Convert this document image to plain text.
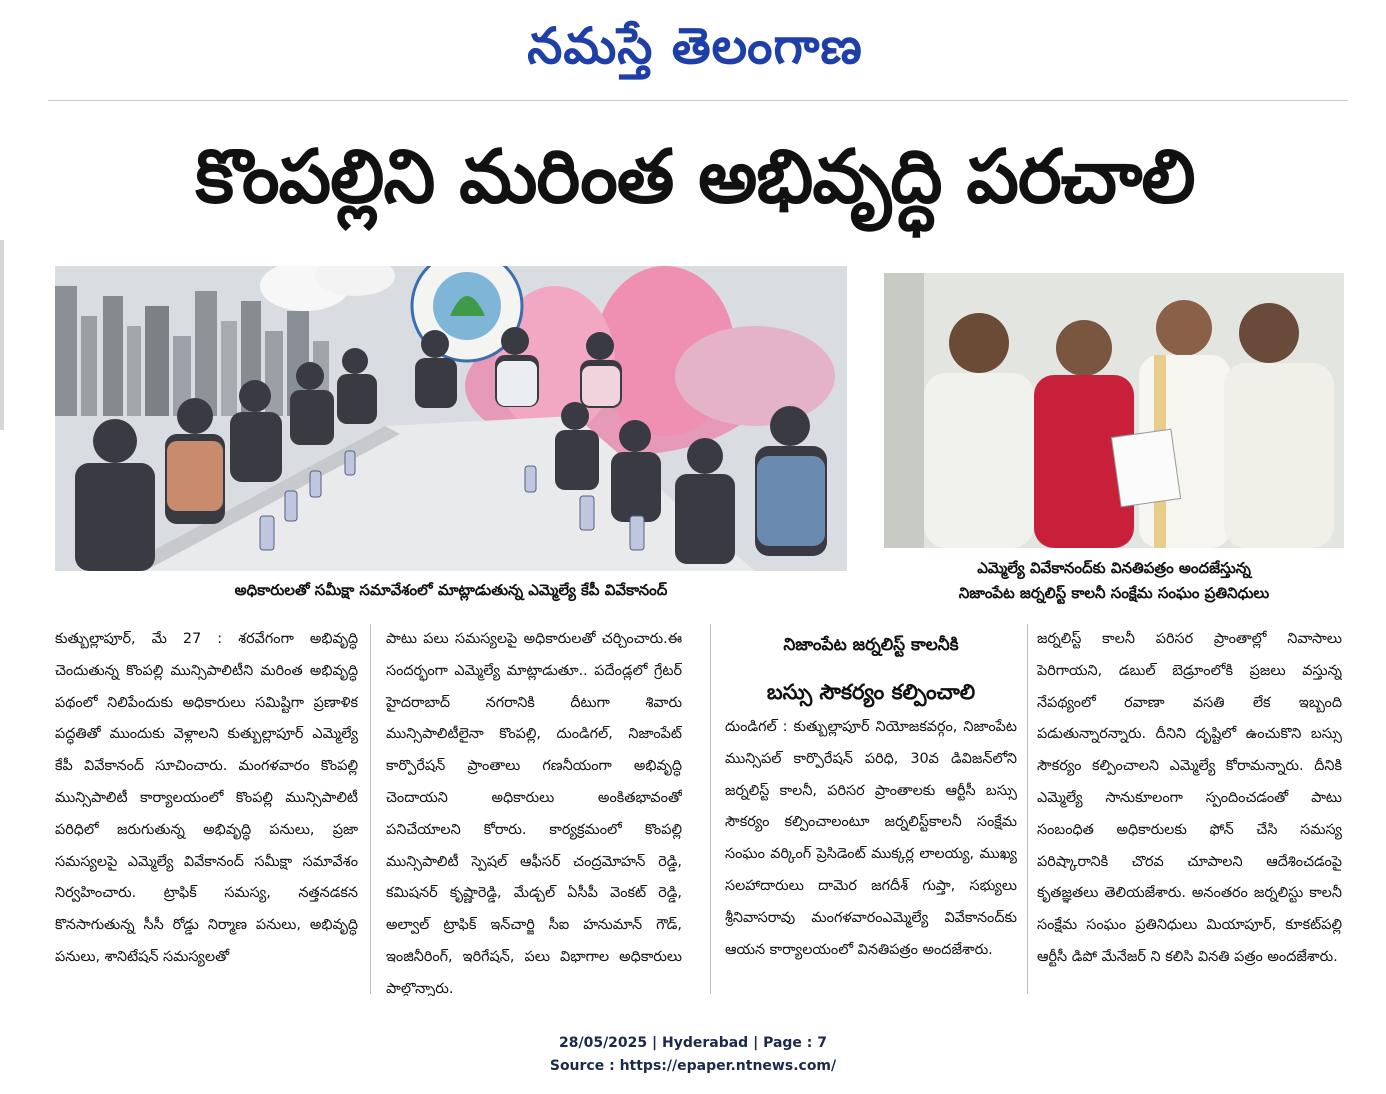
నమస్తే తెలంగాణ
కొంపల్లిని మరింత అభివృద్ధి పరచాలి
అధికారులతో సమీక్షా సమావేశంలో మాట్లాడుతున్న ఎమ్మెల్యే కేపీ వివేకానంద్
ఎమ్మెల్యే వివేకానంద్‌కు వినతిపత్రం అందజేస్తున్న
నిజాంపేట జర్నలిస్ట్ కాలనీ సంక్షేమ సంఘం ప్రతినిధులు
కుత్బుల్లాపూర్, మే 27 : శరవేగంగా అభివృద్ధి చెందుతున్న కొంపల్లి మున్సిపాలిటీని మరింత అభివృద్ధి పథంలో నిలిపేందుకు అధికారులు సమిష్టిగా ప్రణాళిక పద్ధతితో ముందుకు వెళ్లాలని కుత్బుల్లాపూర్ ఎమ్మెల్యే కేపీ వివేకానంద్ సూచించారు. మంగళవారం కొంపల్లి మున్సిపాలిటీ కార్యాలయంలో కొంపల్లి మున్సిపాలిటీ పరిధిలో జరుగుతున్న అభివృద్ధి పనులు, ప్రజా సమస్యలపై ఎమ్మెల్యే వివేకానంద్ సమీక్షా సమావేశం నిర్వహించారు. ట్రాఫిక్ సమస్య, నత్తనడకన కొనసాగుతున్న సీసీ రోడ్డు నిర్మాణ పనులు, అభివృద్ధి పనులు, శానిటేషన్ సమస్యలతో
పాటు పలు సమస్యలపై అధికారులతో చర్చించారు.ఈ సందర్భంగా ఎమ్మెల్యే మాట్లాడుతూ.. పదేండ్లలో గ్రేటర్ హైదరాబాద్ నగరానికి దీటుగా శివారు మున్సిపాలిటీలైనా కొంపల్లి, దుండిగల్, నిజాంపేట్ కార్పొరేషన్ ప్రాంతాలు గణనీయంగా అభివృద్ధి చెందాయని అధికారులు అంకితభావంతో పనిచేయాలని కోరారు. కార్యక్రమంలో కొంపల్లి మున్సిపాలిటీ స్పెషల్ ఆఫీసర్ చంద్రమోహన్ రెడ్డి, కమిషనర్ కృష్ణారెడ్డి, మేడ్చల్ ఏసీపీ వెంకట్ రెడ్డి, అల్వాల్ ట్రాఫిక్ ఇన్‌చార్జి సీఐ హనుమాన్ గౌడ్, ఇంజినీరింగ్, ఇరిగేషన్, పలు విభాగాల అధికారులు పాల్గొన్నారు.
నిజాంపేట జర్నలిస్ట్ కాలనీకి
బస్సు సౌకర్యం కల్పించాలి
దుండిగల్ : కుత్బుల్లాపూర్ నియోజకవర్గం, నిజాంపేట మున్సిపల్ కార్పొరేషన్ పరిధి, 30వ డివిజన్‌లోని జర్నలిస్ట్ కాలనీ, పరిసర ప్రాంతాలకు ఆర్టీసీ బస్సు సౌకర్యం కల్పించాలంటూ జర్నలిస్ట్‌కాలనీ సంక్షేమ సంఘం వర్కింగ్ ప్రెసిడెంట్ ముక్కర్ల లాలయ్య, ముఖ్య సలహాదారులు దామెర జగదీశ్ గుప్తా, సభ్యులు శ్రీనివాసరావు మంగళవారంఎమ్మెల్యే వివేకానంద్‌కు ఆయన కార్యాలయంలో వినతిపత్రం అందజేశారు.
జర్నలిస్ట్ కాలనీ పరిసర ప్రాంతాల్లో నివాసాలు పెరిగాయని, డబుల్ బెడ్రూంలోకి ప్రజలు వస్తున్న నేపథ్యంలో రవాణా వసతి లేక ఇబ్బంది పడుతున్నారన్నారు. దీనిని దృష్టిలో ఉంచుకొని బస్సు సౌకర్యం కల్పించాలని ఎమ్మెల్యే కోరామన్నారు. దీనికి ఎమ్మెల్యే సానుకూలంగా స్పందించడంతో పాటు సంబంధిత అధికారులకు ఫోన్ చేసి సమస్య పరిష్కారానికి చొరవ చూపాలని ఆదేశించడంపై కృతజ్ఞతలు తెలియజేశారు. అనంతరం జర్నలిస్టు కాలనీ సంక్షేమ సంఘం ప్రతినిధులు మియాపూర్, కూకట్‌పల్లి ఆర్టీసీ డిపో మేనేజర్ ని కలిసి వినతి పత్రం అందజేశారు.
28/05/2025 | Hyderabad | Page : 7
Source : https://epaper.ntnews.com/
